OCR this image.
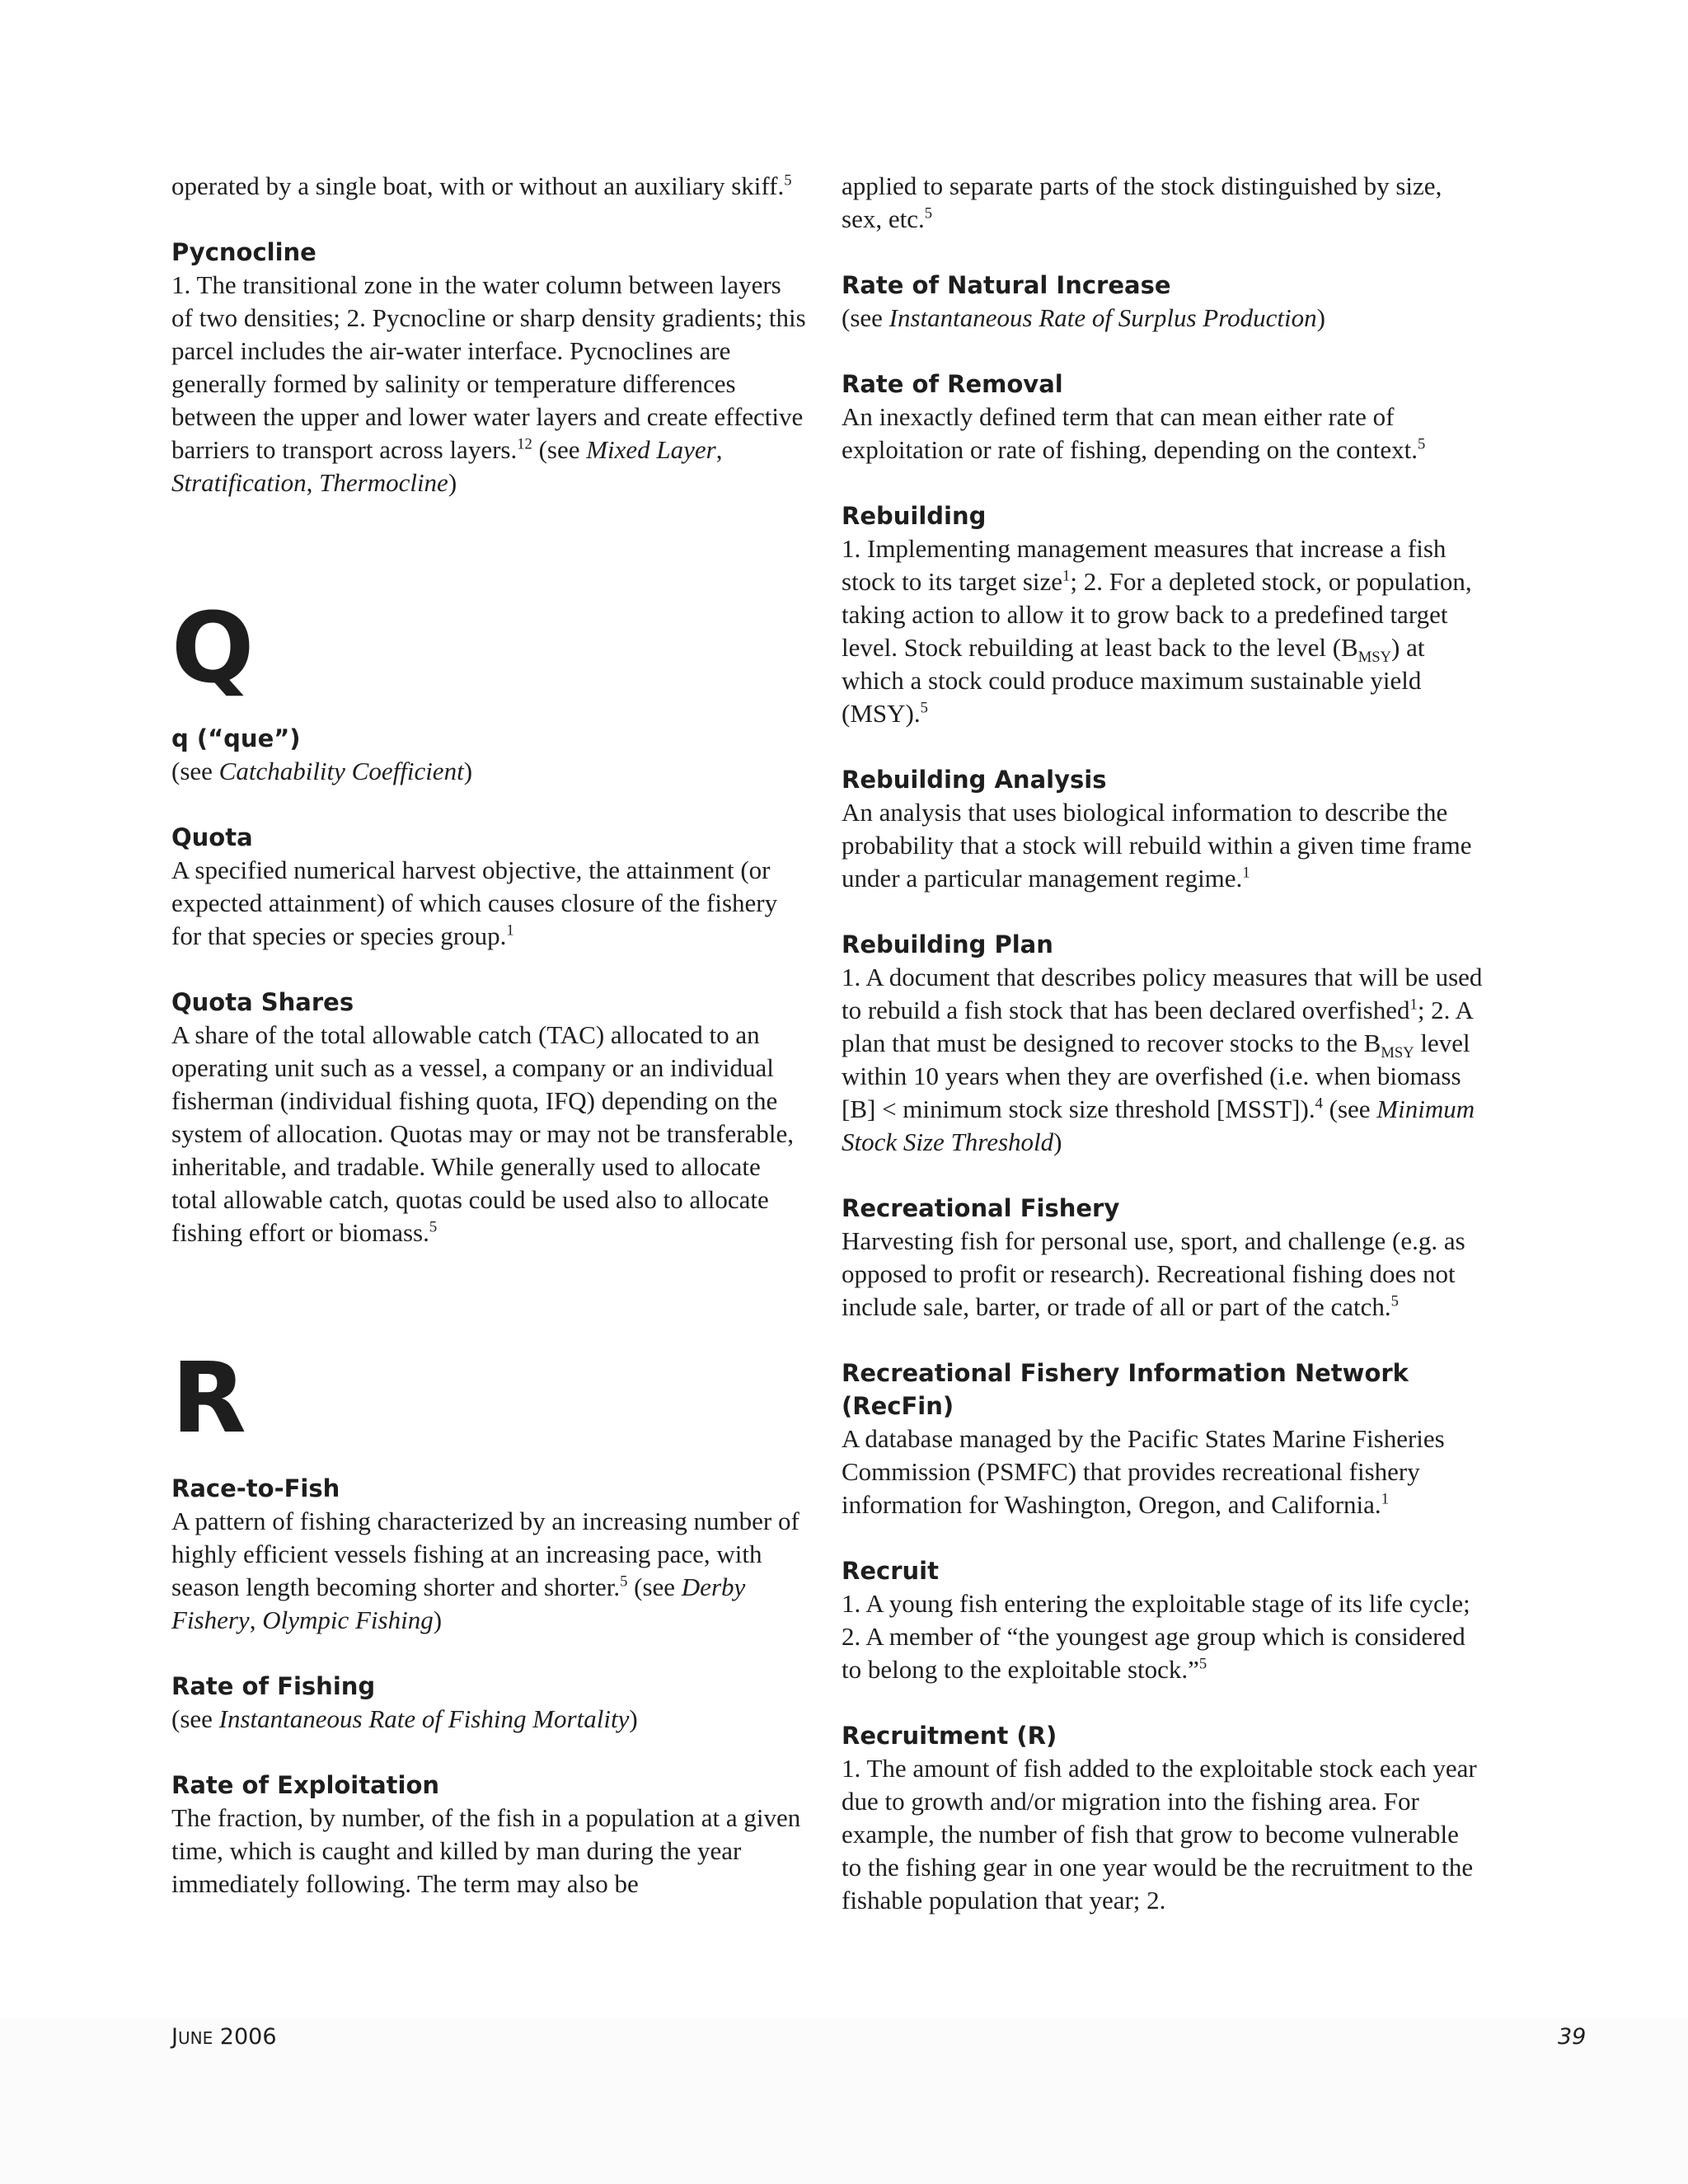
operated by a single boat, with or without an auxiliary skiff.$^5$
Pycnocline
1. The transitional zone in the water column between layers of two densities; 2. Pycnocline or sharp density gradients; this parcel includes the air-water interface. Pycnoclines are generally formed by salinity or temperature differences between the upper and lower water layers and create effective barriers to transport across layers.$^{12}$ (see Mixed Layer, Stratification, Thermocline)
Q
q (“que”)
(see Catchability Coefficient)
Quota
A specified numerical harvest objective, the attainment (or expected attainment) of which causes closure of the fishery for that species or species group.$^1$
Quota Shares
A share of the total allowable catch (TAC) allocated to an operating unit such as a vessel, a company or an individual fisherman (individual fishing quota, IFQ) depending on the system of allocation. Quotas may or may not be transferable, inheritable, and tradable. While generally used to allocate total allowable catch, quotas could be used also to allocate fishing effort or biomass.$^5$
R
Race-to-Fish
A pattern of fishing characterized by an increasing number of highly efficient vessels fishing at an increasing pace, with season length becoming shorter and shorter.$^5$ (see Derby Fishery, Olympic Fishing)
Rate of Fishing
(see Instantaneous Rate of Fishing Mortality)
Rate of Exploitation
The fraction, by number, of the fish in a population at a given time, which is caught and killed by man during the year immediately following. The term may also be
applied to separate parts of the stock distinguished by size, sex, etc.$^5$
Rate of Natural Increase
(see Instantaneous Rate of Surplus Production)
Rate of Removal
An inexactly defined term that can mean either rate of exploitation or rate of fishing, depending on the context.$^5$
Rebuilding
1. Implementing management measures that increase a fish stock to its target size$^1$; 2. For a depleted stock, or population, taking action to allow it to grow back to a predefined target level. Stock rebuilding at least back to the level $(B_{MSY})$ at which a stock could produce maximum sustainable yield (MSY).$^5$
Rebuilding Analysis
An analysis that uses biological information to describe the probability that a stock will rebuild within a given time frame under a particular management regime.$^1$
Rebuilding Plan
1. A document that describes policy measures that will be used to rebuild a fish stock that has been declared overfished$^1$; 2. A plan that must be designed to recover stocks to the $B_{MSY}$ level within 10 years when they are overfished (i.e. when biomass [B] < minimum stock size threshold [MSST]).$^4$ (see Minimum Stock Size Threshold)
Recreational Fishery
Harvesting fish for personal use, sport, and challenge (e.g. as opposed to profit or research). Recreational fishing does not include sale, barter, or trade of all or part of the catch.$^5$
Recreational Fishery Information Network (RecFin)
A database managed by the Pacific States Marine Fisheries Commission (PSMFC) that provides recreational fishery information for Washington, Oregon, and California.$^1$
Recruit
1. A young fish entering the exploitable stage of its life cycle; 2. A member of “the youngest age group which is considered to belong to the exploitable stock.”$^5$
Recruitment (R)
1. The amount of fish added to the exploitable stock each year due to growth and/or migration into the fishing area. For example, the number of fish that grow to become vulnerable to the fishing gear in one year would be the recruitment to the fishable population that year; 2.
JUNE 2006	39
